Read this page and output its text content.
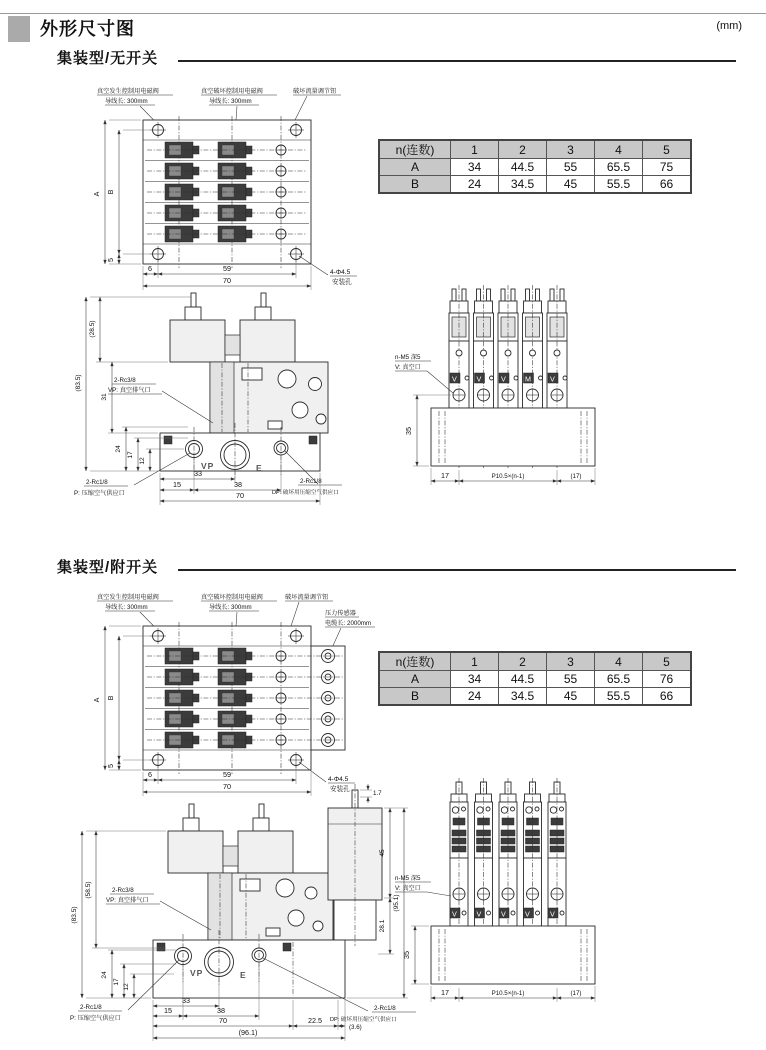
外形尺寸图	(mm)
集装型/无开关
真空发生控制用电磁阀
导线长: 300mm
真空破坏控制用电磁阀
导线长: 300mm
破坏流量调节钮
A B
5
6	59
70
4-Φ4.5
安装孔
n(连数)	1	2	3	4	5
A	34	44.5	55	65.5	75
B	24	34.5	45	55.5	66
VP	E
(83.5)
(28.5)
31
24
17
12
2-Rc3/8
VP: 真空排气口
2-Rc1/8
P: 压缩空气供应口
2-Rc1/8
DP: 破坏用压缩空气供应口
33
15	38
70
V	V	V	M	V
n-M5 深5
V: 真空口
35
17	P10.5×(n-1)	(17)
集装型/附开关
真空发生控制用电磁阀
导线长: 300mm
真空破坏控制用电磁阀
导线长: 300mm
破坏流量调节钮
压力传感器
电缆长: 2000mm
A B
5
6	59
70
4-Φ4.5
安装孔
n(连数)	1	2	3	4	5
A	34	44.5	55	65.5	76
B	24	34.5	45	55.5	66
VP	E
(83.5)
(58.5)
24
17
12
1.7
45
28.1
(95.1)
2-Rc3/8
VP: 真空排气口
2-Rc1/8
P: 压缩空气供应口
2-Rc1/8
DP: 破坏用压缩空气供应口
33
15	38
70	22.5
(3.6)
(96.1)
V	V	V	V	V
n-M5 深5
V: 真空口
35
17	P10.5×(n-1)	(17)
